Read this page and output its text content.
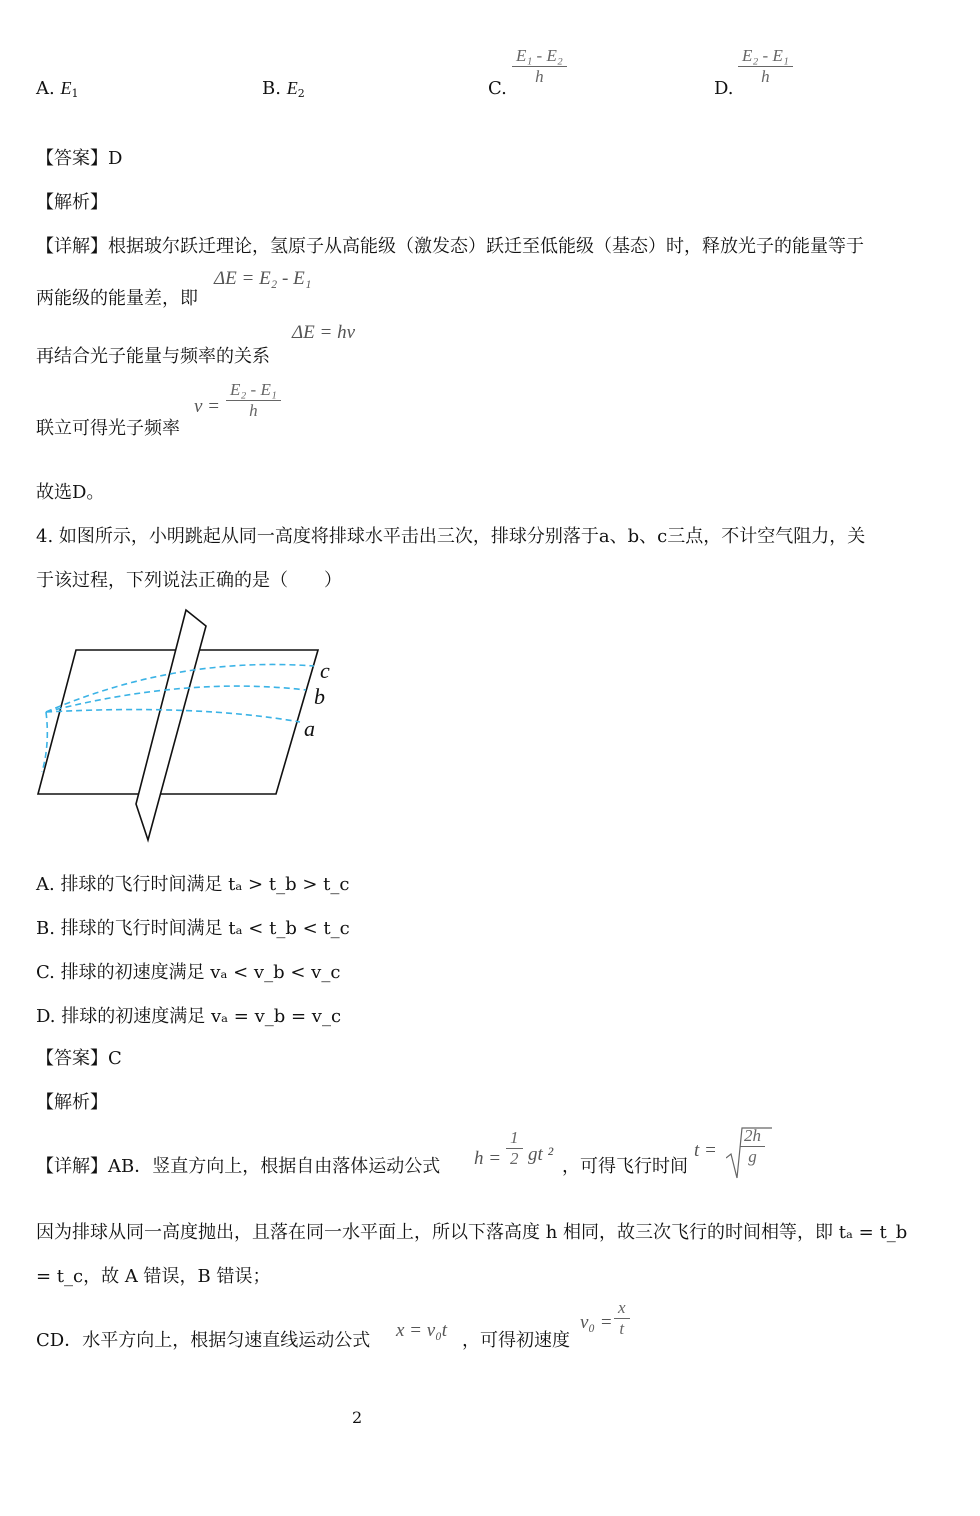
A. $E_1$	B. $E_2$	C.
E₁ - E₂
h
D.
E₂ - E₁
h
【答案】D
【解析】
【详解】根据玻尔跃迁理论，氢原子从高能级（激发态）跃迁至低能级（基态）时，释放光子的能量等于
两能级的能量差，即
ΔE = E₂ - E₁
再结合光子能量与频率的关系
ΔE = hν
联立可得光子频率
ν =
E₂ - E₁
h
故选D。
4. 如图所示，小明跳起从同一高度将排球水平击出三次，排球分别落于a、b、c三点，不计空气阻力，关
于该过程，下列说法正确的是（　　）
c
b
a
A. 排球的飞行时间满足 tₐ > t_b > t_c
B. 排球的飞行时间满足 tₐ < t_b < t_c
C. 排球的初速度满足 vₐ < v_b < v_c
D. 排球的初速度满足 vₐ = v_b = v_c
【答案】C
【解析】
【详解】AB．竖直方向上，根据自由落体运动公式 h =
1
2 gt ²
，可得飞行时间
t =
2h
g
因为排球从同一高度抛出，且落在同一水平面上，所以下落高度 h 相同，故三次飞行的时间相等，即 tₐ = t_b
= t_c，故 A 错误，B 错误；
CD．水平方向上，根据匀速直线运动公式 x = v₀t ，可得初速度
v₀ =
x
t
2
